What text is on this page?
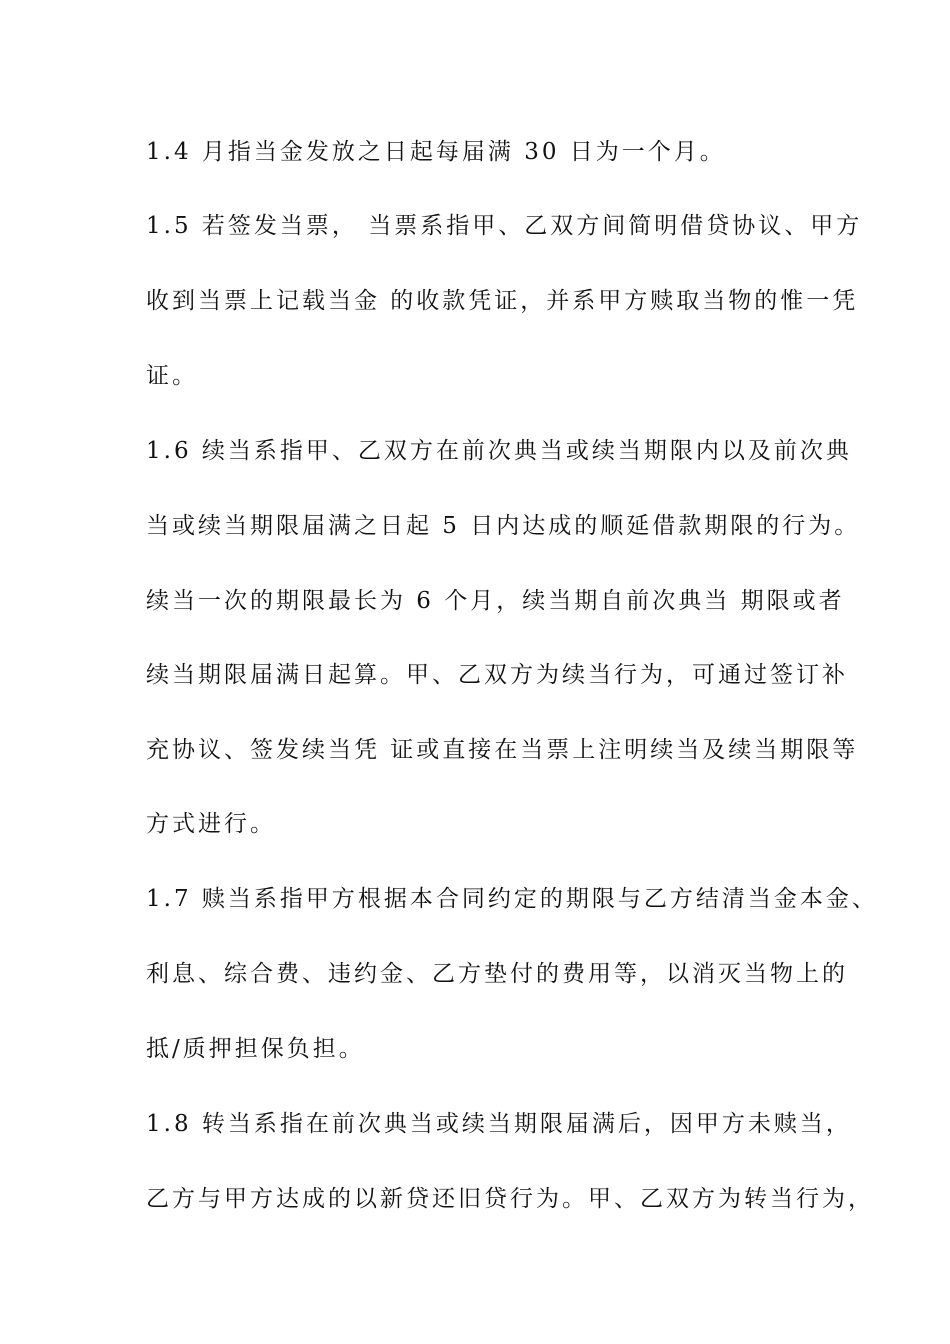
1.4 月指当金发放之日起每届满 30 日为一个月。
1.5 若签发当票， 当票系指甲、乙双方间简明借贷协议、甲方
收到当票上记载当金 的收款凭证，并系甲方赎取当物的惟一凭
证。
1.6 续当系指甲、乙双方在前次典当或续当期限内以及前次典
当或续当期限届满之日起 5 日内达成的顺延借款期限的行为。
续当一次的期限最长为 6 个月，续当期自前次典当 期限或者
续当期限届满日起算。甲、乙双方为续当行为，可通过签订补
充协议、签发续当凭 证或直接在当票上注明续当及续当期限等
方式进行。
1.7 赎当系指甲方根据本合同约定的期限与乙方结清当金本金、
利息、综合费、违约金、乙方垫付的费用等，以消灭当物上的
抵/质押担保负担。
1.8 转当系指在前次典当或续当期限届满后，因甲方未赎当，
乙方与甲方达成的以新贷还旧贷行为。甲、乙双方为转当行为，
